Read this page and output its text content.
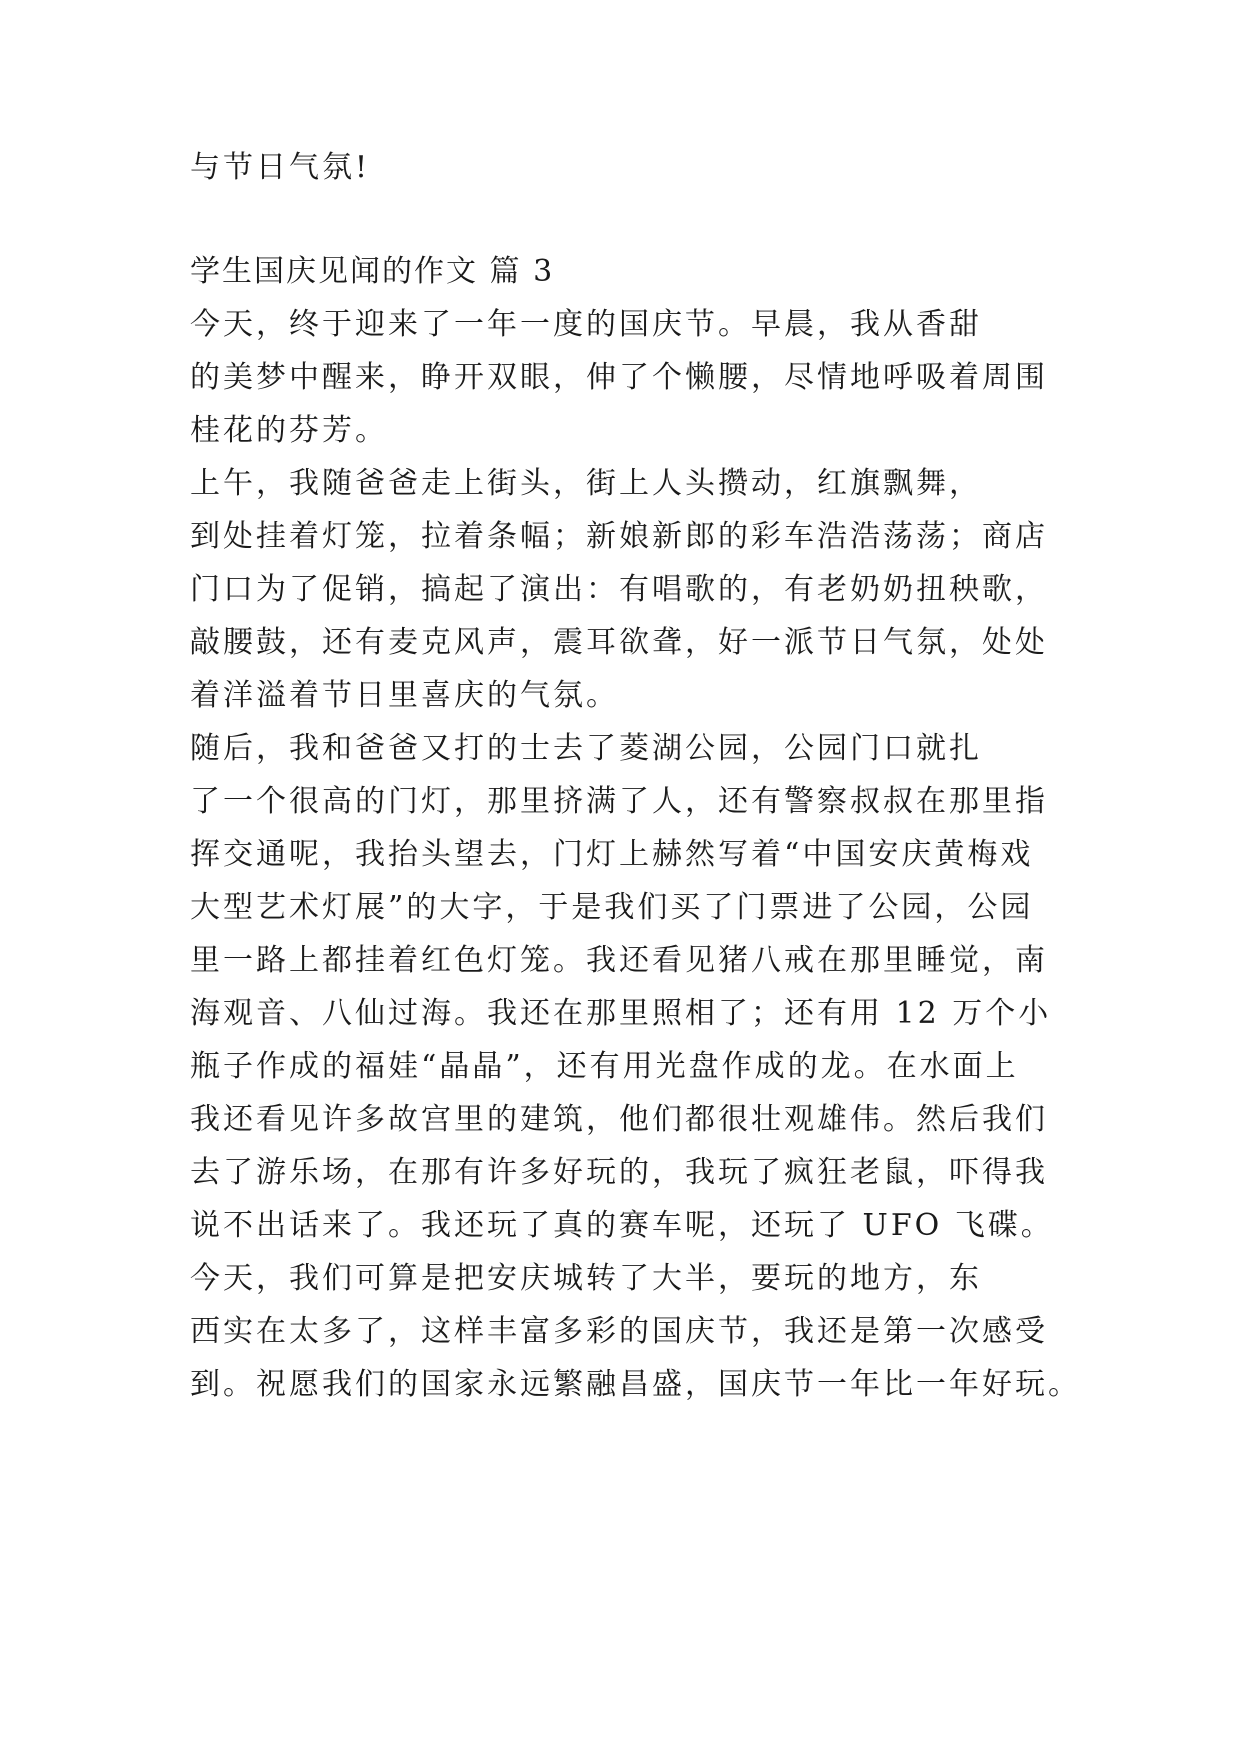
与节日气氛!
学生国庆见闻的作文 篇 3
今天，终于迎来了一年一度的国庆节。早晨，我从香甜
的美梦中醒来，睁开双眼，伸了个懒腰，尽情地呼吸着周围
桂花的芬芳。
上午，我随爸爸走上街头，街上人头攒动，红旗飘舞，
到处挂着灯笼，拉着条幅；新娘新郎的彩车浩浩荡荡；商店
门口为了促销，搞起了演出：有唱歌的，有老奶奶扭秧歌，
敲腰鼓，还有麦克风声，震耳欲聋，好一派节日气氛，处处
着洋溢着节日里喜庆的气氛。
随后，我和爸爸又打的士去了菱湖公园，公园门口就扎
了一个很高的门灯，那里挤满了人，还有警察叔叔在那里指
挥交通呢，我抬头望去，门灯上赫然写着“中国安庆黄梅戏
大型艺术灯展”的大字，于是我们买了门票进了公园，公园
里一路上都挂着红色灯笼。我还看见猪八戒在那里睡觉，南
海观音、八仙过海。我还在那里照相了；还有用 12 万个小
瓶子作成的福娃“晶晶”，还有用光盘作成的龙。在水面上
我还看见许多故宫里的建筑，他们都很壮观雄伟。然后我们
去了游乐场，在那有许多好玩的，我玩了疯狂老鼠，吓得我
说不出话来了。我还玩了真的赛车呢，还玩了 UFO 飞碟。
今天，我们可算是把安庆城转了大半，要玩的地方，东
西实在太多了，这样丰富多彩的国庆节，我还是第一次感受
到。祝愿我们的国家永远繁融昌盛，国庆节一年比一年好玩。
